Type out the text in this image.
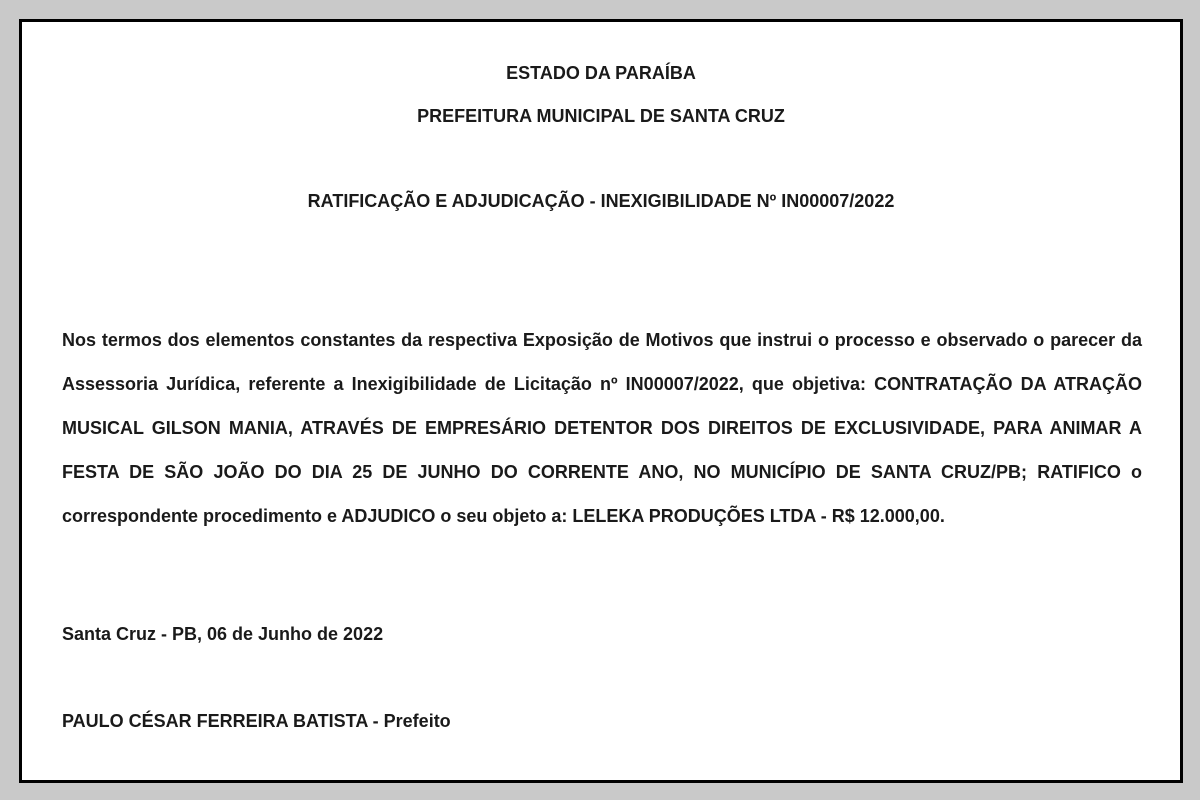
ESTADO DA PARAÍBA
PREFEITURA MUNICIPAL DE SANTA CRUZ
RATIFICAÇÃO E ADJUDICAÇÃO - INEXIGIBILIDADE Nº IN00007/2022

Nos termos dos elementos constantes da respectiva Exposição de Motivos que instrui o processo e observado o parecer da Assessoria Jurídica, referente a Inexigibilidade de Licitação nº IN00007/2022, que objetiva: CONTRATAÇÃO DA ATRAÇÃO MUSICAL GILSON MANIA, ATRAVÉS DE EMPRESÁRIO DETENTOR DOS DIREITOS DE EXCLUSIVIDADE, PARA ANIMAR A FESTA DE SÃO JOÃO DO DIA 25 DE JUNHO DO CORRENTE ANO, NO MUNICÍPIO DE SANTA CRUZ/PB; RATIFICO o correspondente procedimento e ADJUDICO o seu objeto a: LELEKA PRODUÇÕES LTDA - R$ 12.000,00.

Santa Cruz - PB, 06 de Junho de 2022
PAULO CÉSAR FERREIRA BATISTA - Prefeito
